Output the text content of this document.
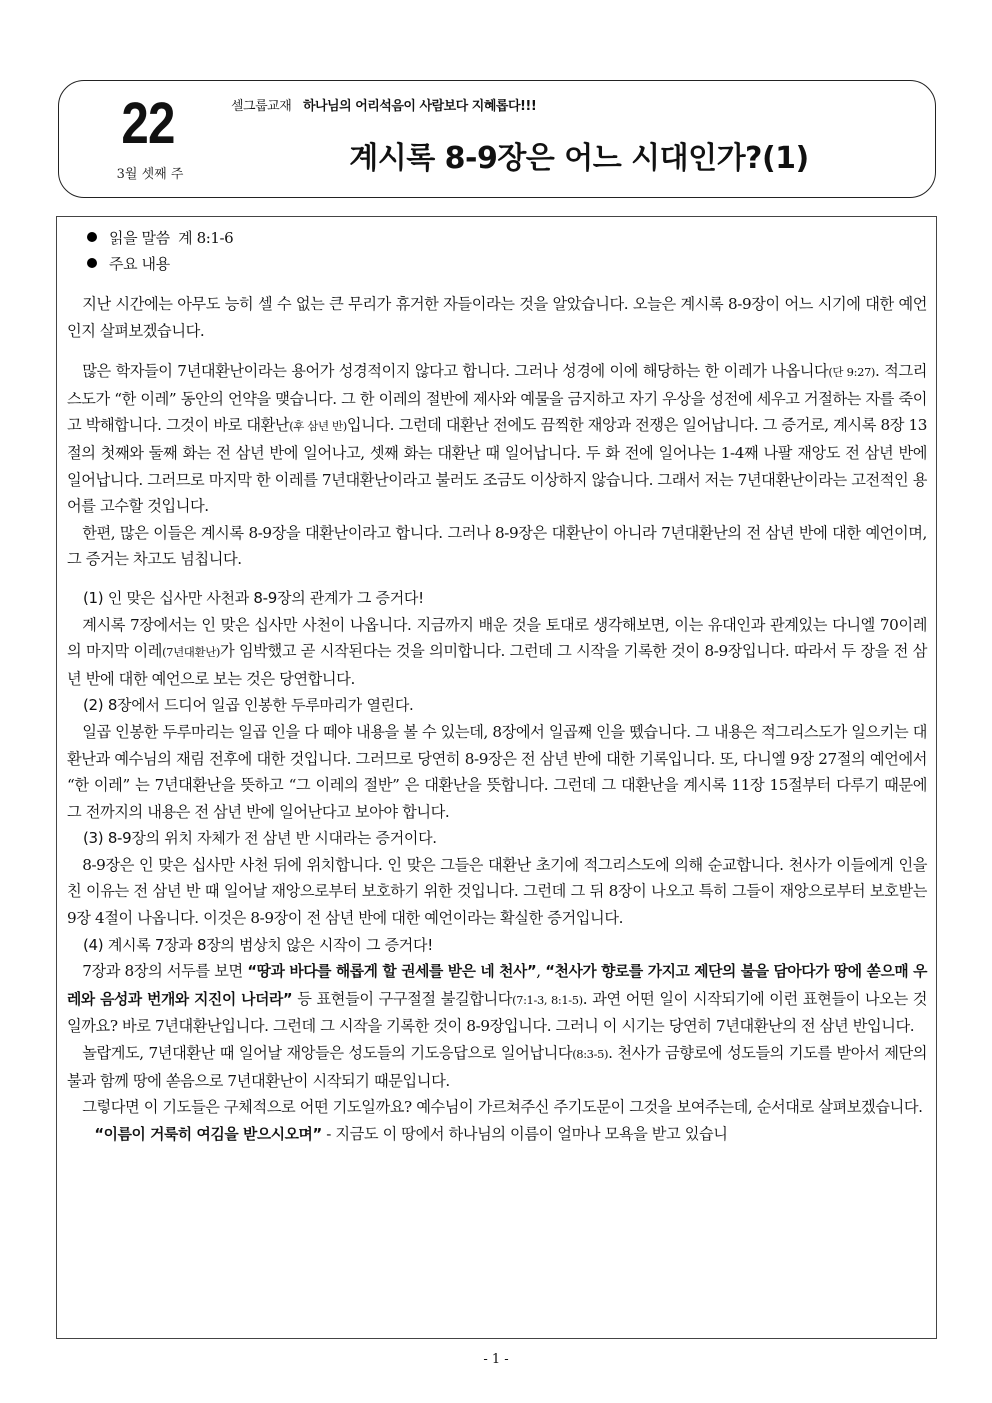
22
3월 셋째 주
셀그룹교재 하나님의 어리석음이 사람보다 지혜롭다!!!
계시록 8-9장은 어느 시대인가?(1)
읽을 말씀 계 8:1-6
주요 내용

지난 시간에는 아무도 능히 셀 수 없는 큰 무리가 휴거한 자들이라는 것을 알았습니다. 오늘은 계시록 8-9장이 어느 시기에 대한 예언인지 살펴보겠습니다.

많은 학자들이 7년대환난이라는 용어가 성경적이지 않다고 합니다. 그러나 성경에 이에 해당하는 한 이레가 나옵니다(단 9:27). 적그리스도가 “한 이레” 동안의 언약을 맺습니다. 그 한 이레의 절반에 제사와 예물을 금지하고 자기 우상을 성전에 세우고 거절하는 자를 죽이고 박해합니다. 그것이 바로 대환난(후 삼년 반)입니다. 그런데 대환난 전에도 끔찍한 재앙과 전쟁은 일어납니다. 그 증거로, 계시록 8장 13절의 첫째와 둘째 화는 전 삼년 반에 일어나고, 셋째 화는 대환난 때 일어납니다. 두 화 전에 일어나는 1-4째 나팔 재앙도 전 삼년 반에 일어납니다. 그러므로 마지막 한 이레를 7년대환난이라고 불러도 조금도 이상하지 않습니다. 그래서 저는 7년대환난이라는 고전적인 용어를 고수할 것입니다.

한편, 많은 이들은 계시록 8-9장을 대환난이라고 합니다. 그러나 8-9장은 대환난이 아니라 7년대환난의 전 삼년 반에 대한 예언이며, 그 증거는 차고도 넘칩니다.

(1) 인 맞은 십사만 사천과 8-9장의 관계가 그 증거다!

계시록 7장에서는 인 맞은 십사만 사천이 나옵니다. 지금까지 배운 것을 토대로 생각해보면, 이는 유대인과 관계있는 다니엘 70이레의 마지막 이레(7년대환난)가 임박했고 곧 시작된다는 것을 의미합니다. 그런데 그 시작을 기록한 것이 8-9장입니다. 따라서 두 장을 전 삼년 반에 대한 예언으로 보는 것은 당연합니다.

(2) 8장에서 드디어 일곱 인봉한 두루마리가 열린다.

일곱 인봉한 두루마리는 일곱 인을 다 떼야 내용을 볼 수 있는데, 8장에서 일곱째 인을 뗐습니다. 그 내용은 적그리스도가 일으키는 대환난과 예수님의 재림 전후에 대한 것입니다. 그러므로 당연히 8-9장은 전 삼년 반에 대한 기록입니다. 또, 다니엘 9장 27절의 예언에서 “한 이레” 는 7년대환난을 뜻하고 “그 이레의 절반” 은 대환난을 뜻합니다. 그런데 그 대환난을 계시록 11장 15절부터 다루기 때문에 그 전까지의 내용은 전 삼년 반에 일어난다고 보아야 합니다.

(3) 8-9장의 위치 자체가 전 삼년 반 시대라는 증거이다.

8-9장은 인 맞은 십사만 사천 뒤에 위치합니다. 인 맞은 그들은 대환난 초기에 적그리스도에 의해 순교합니다. 천사가 이들에게 인을 친 이유는 전 삼년 반 때 일어날 재앙으로부터 보호하기 위한 것입니다. 그런데 그 뒤 8장이 나오고 특히 그들이 재앙으로부터 보호받는 9장 4절이 나옵니다. 이것은 8-9장이 전 삼년 반에 대한 예언이라는 확실한 증거입니다.

(4) 계시록 7장과 8장의 범상치 않은 시작이 그 증거다!

7장과 8장의 서두를 보면 “땅과 바다를 해롭게 할 권세를 받은 네 천사”, “천사가 향로를 가지고 제단의 불을 담아다가 땅에 쏟으매 우레와 음성과 번개와 지진이 나더라” 등 표현들이 구구절절 불길합니다(7:1-3, 8:1-5). 과연 어떤 일이 시작되기에 이런 표현들이 나오는 것일까요? 바로 7년대환난입니다. 그런데 그 시작을 기록한 것이 8-9장입니다. 그러니 이 시기는 당연히 7년대환난의 전 삼년 반입니다.

놀랍게도, 7년대환난 때 일어날 재앙들은 성도들의 기도응답으로 일어납니다(8:3-5). 천사가 금향로에 성도들의 기도를 받아서 제단의 불과 함께 땅에 쏟음으로 7년대환난이 시작되기 때문입니다.

그렇다면 이 기도들은 구체적으로 어떤 기도일까요? 예수님이 가르쳐주신 주기도문이 그것을 보여주는데, 순서대로 살펴보겠습니다.

“이름이 거룩히 여김을 받으시오며” - 지금도 이 땅에서 하나님의 이름이 얼마나 모욕을 받고 있습니

- 1 -
